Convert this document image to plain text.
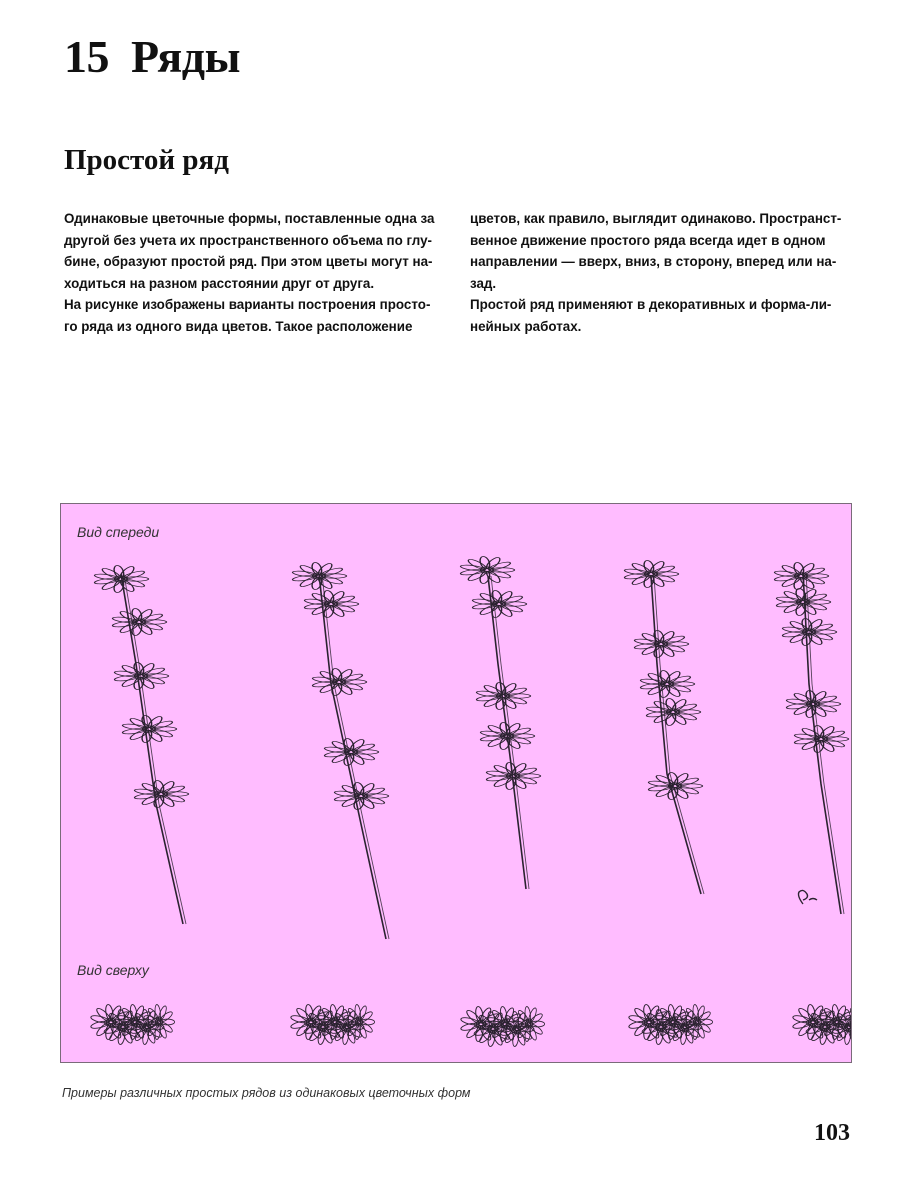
15 Ряды
Простой ряд

Одинаковые цветочные формы, поставленные одна за

другой без учета их пространственного объема по глу-

бине, образуют простой ряд. При этом цветы могут на-

ходиться на разном расстоянии друг от друга.

На рисунке изображены варианты построения просто-

го ряда из одного вида цветов. Такое расположение

цветов, как правило, выглядит одинаково. Пространст-

венное движение простого ряда всегда идет в одном

направлении — вверх, вниз, в сторону, вперед или на-

зад.

Простой ряд применяют в декоративных и форма-ли-

нейных работах.

Вид спереди
Вид сверху
Примеры различных простых рядов из одинаковых цветочных форм
103
